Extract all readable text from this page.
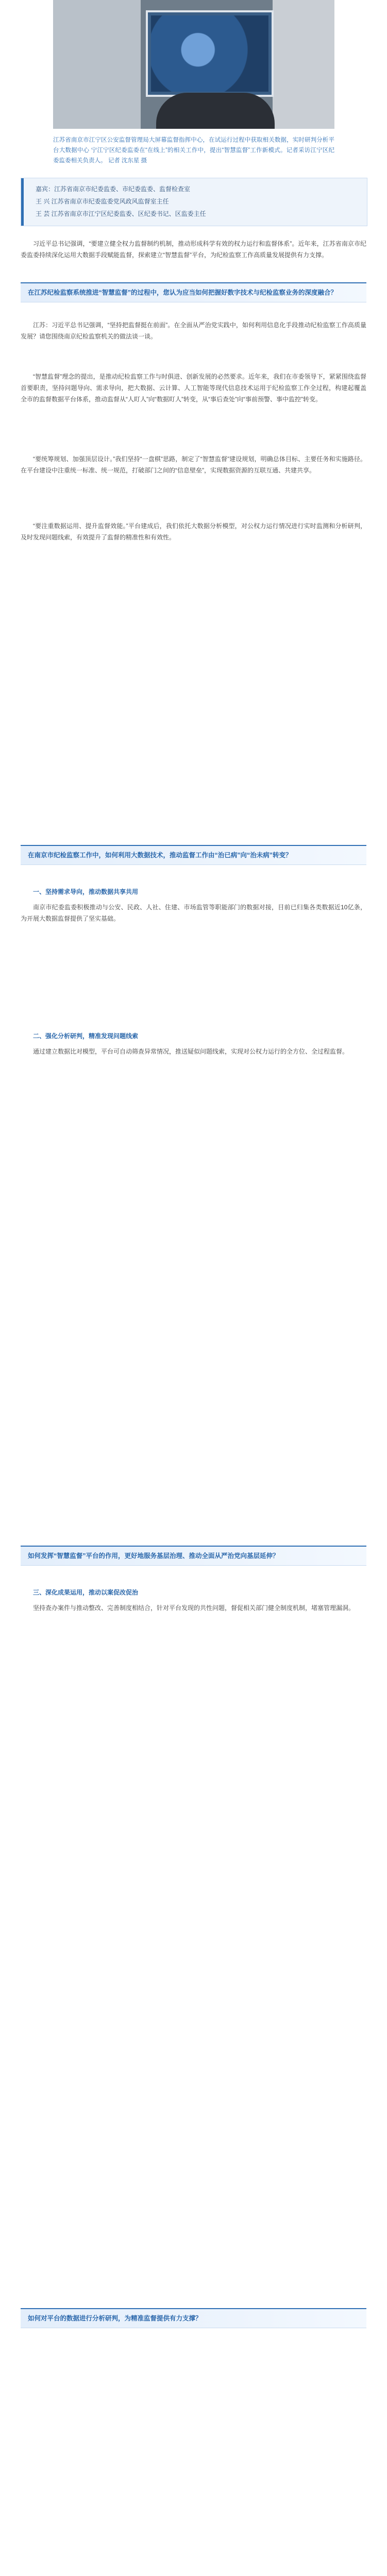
江苏省南京市江宁区公安监督管理局大屏幕监督指挥中心，在试运行过程中获取相关数据，实时研判分析平台大数据中心 宁江宁区纪委监委在“在线上”的相关工作中，提出“智慧监督”工作新模式。记者采访江宁区纪委监委相关负责人。 记者 沈东星 摄

嘉宾：江苏省南京市纪委监委、市纪委监委、监督检查室

王 兴 江苏省南京市纪委监委党风政风监督室主任

王 芸 江苏省南京市江宁区纪委监委、区纪委书记、区监委主任

习近平总书记强调，“要建立健全权力监督制约机制，推动形成科学有效的权力运行和监督体系”。近年来，江苏省南京市纪委监委持续深化运用大数据手段赋能监督，探索建立“智慧监督”平台，为纪检监察工作高质量发展提供有力支撑。
在江苏纪检监察系统推进“智慧监督”的过程中，您认为应当如何把握好数字技术与纪检监察业务的深度融合？
江苏：习近平总书记强调，“坚持把监督挺在前面”。在全面从严治党实践中，如何利用信息化手段推动纪检监察工作高质量发展？请您围绕南京纪检监察机关的做法谈一谈。
“智慧监督”理念的提出，是推动纪检监察工作与时俱进、创新发展的必然要求。近年来，我们在市委领导下，紧紧围绕监督首要职责，坚持问题导向、需求导向，把大数据、云计算、人工智能等现代信息技术运用于纪检监察工作全过程，构建起覆盖全市的监督数据平台体系，推动监督从“人盯人”向“数据盯人”转变，从“事后查处”向“事前预警、事中监控”转变。
“要统筹规划、加强顶层设计。”我们坚持“一盘棋”思路，制定了“智慧监督”建设规划，明确总体目标、主要任务和实施路径。在平台建设中注重统一标准、统一规范，打破部门之间的“信息壁垒”，实现数据资源的互联互通、共建共享。
“要注重数据运用、提升监督效能。”平台建成后，我们依托大数据分析模型，对公权力运行情况进行实时监测和分析研判，及时发现问题线索，有效提升了监督的精准性和有效性。
在南京市纪检监察工作中，如何利用大数据技术，推动监督工作由“治已病”向“治未病”转变？
一、坚持需求导向，推动数据共享共用
南京市纪委监委积极推动与公安、民政、人社、住建、市场监管等职能部门的数据对接，目前已归集各类数据近10亿条，为开展大数据监督提供了坚实基础。
二、强化分析研判，精准发现问题线索
通过建立数据比对模型，平台可自动筛查异常情况，推送疑似问题线索，实现对公权力运行的全方位、全过程监督。
如何发挥“智慧监督”平台的作用，更好地服务基层治理、推动全面从严治党向基层延伸？
三、深化成果运用，推动以案促改促治
坚持查办案件与推动整改、完善制度相结合，针对平台发现的共性问题，督促相关部门健全制度机制，堵塞管理漏洞。
如何对平台的数据进行分析研判，为精准监督提供有力支撑？
